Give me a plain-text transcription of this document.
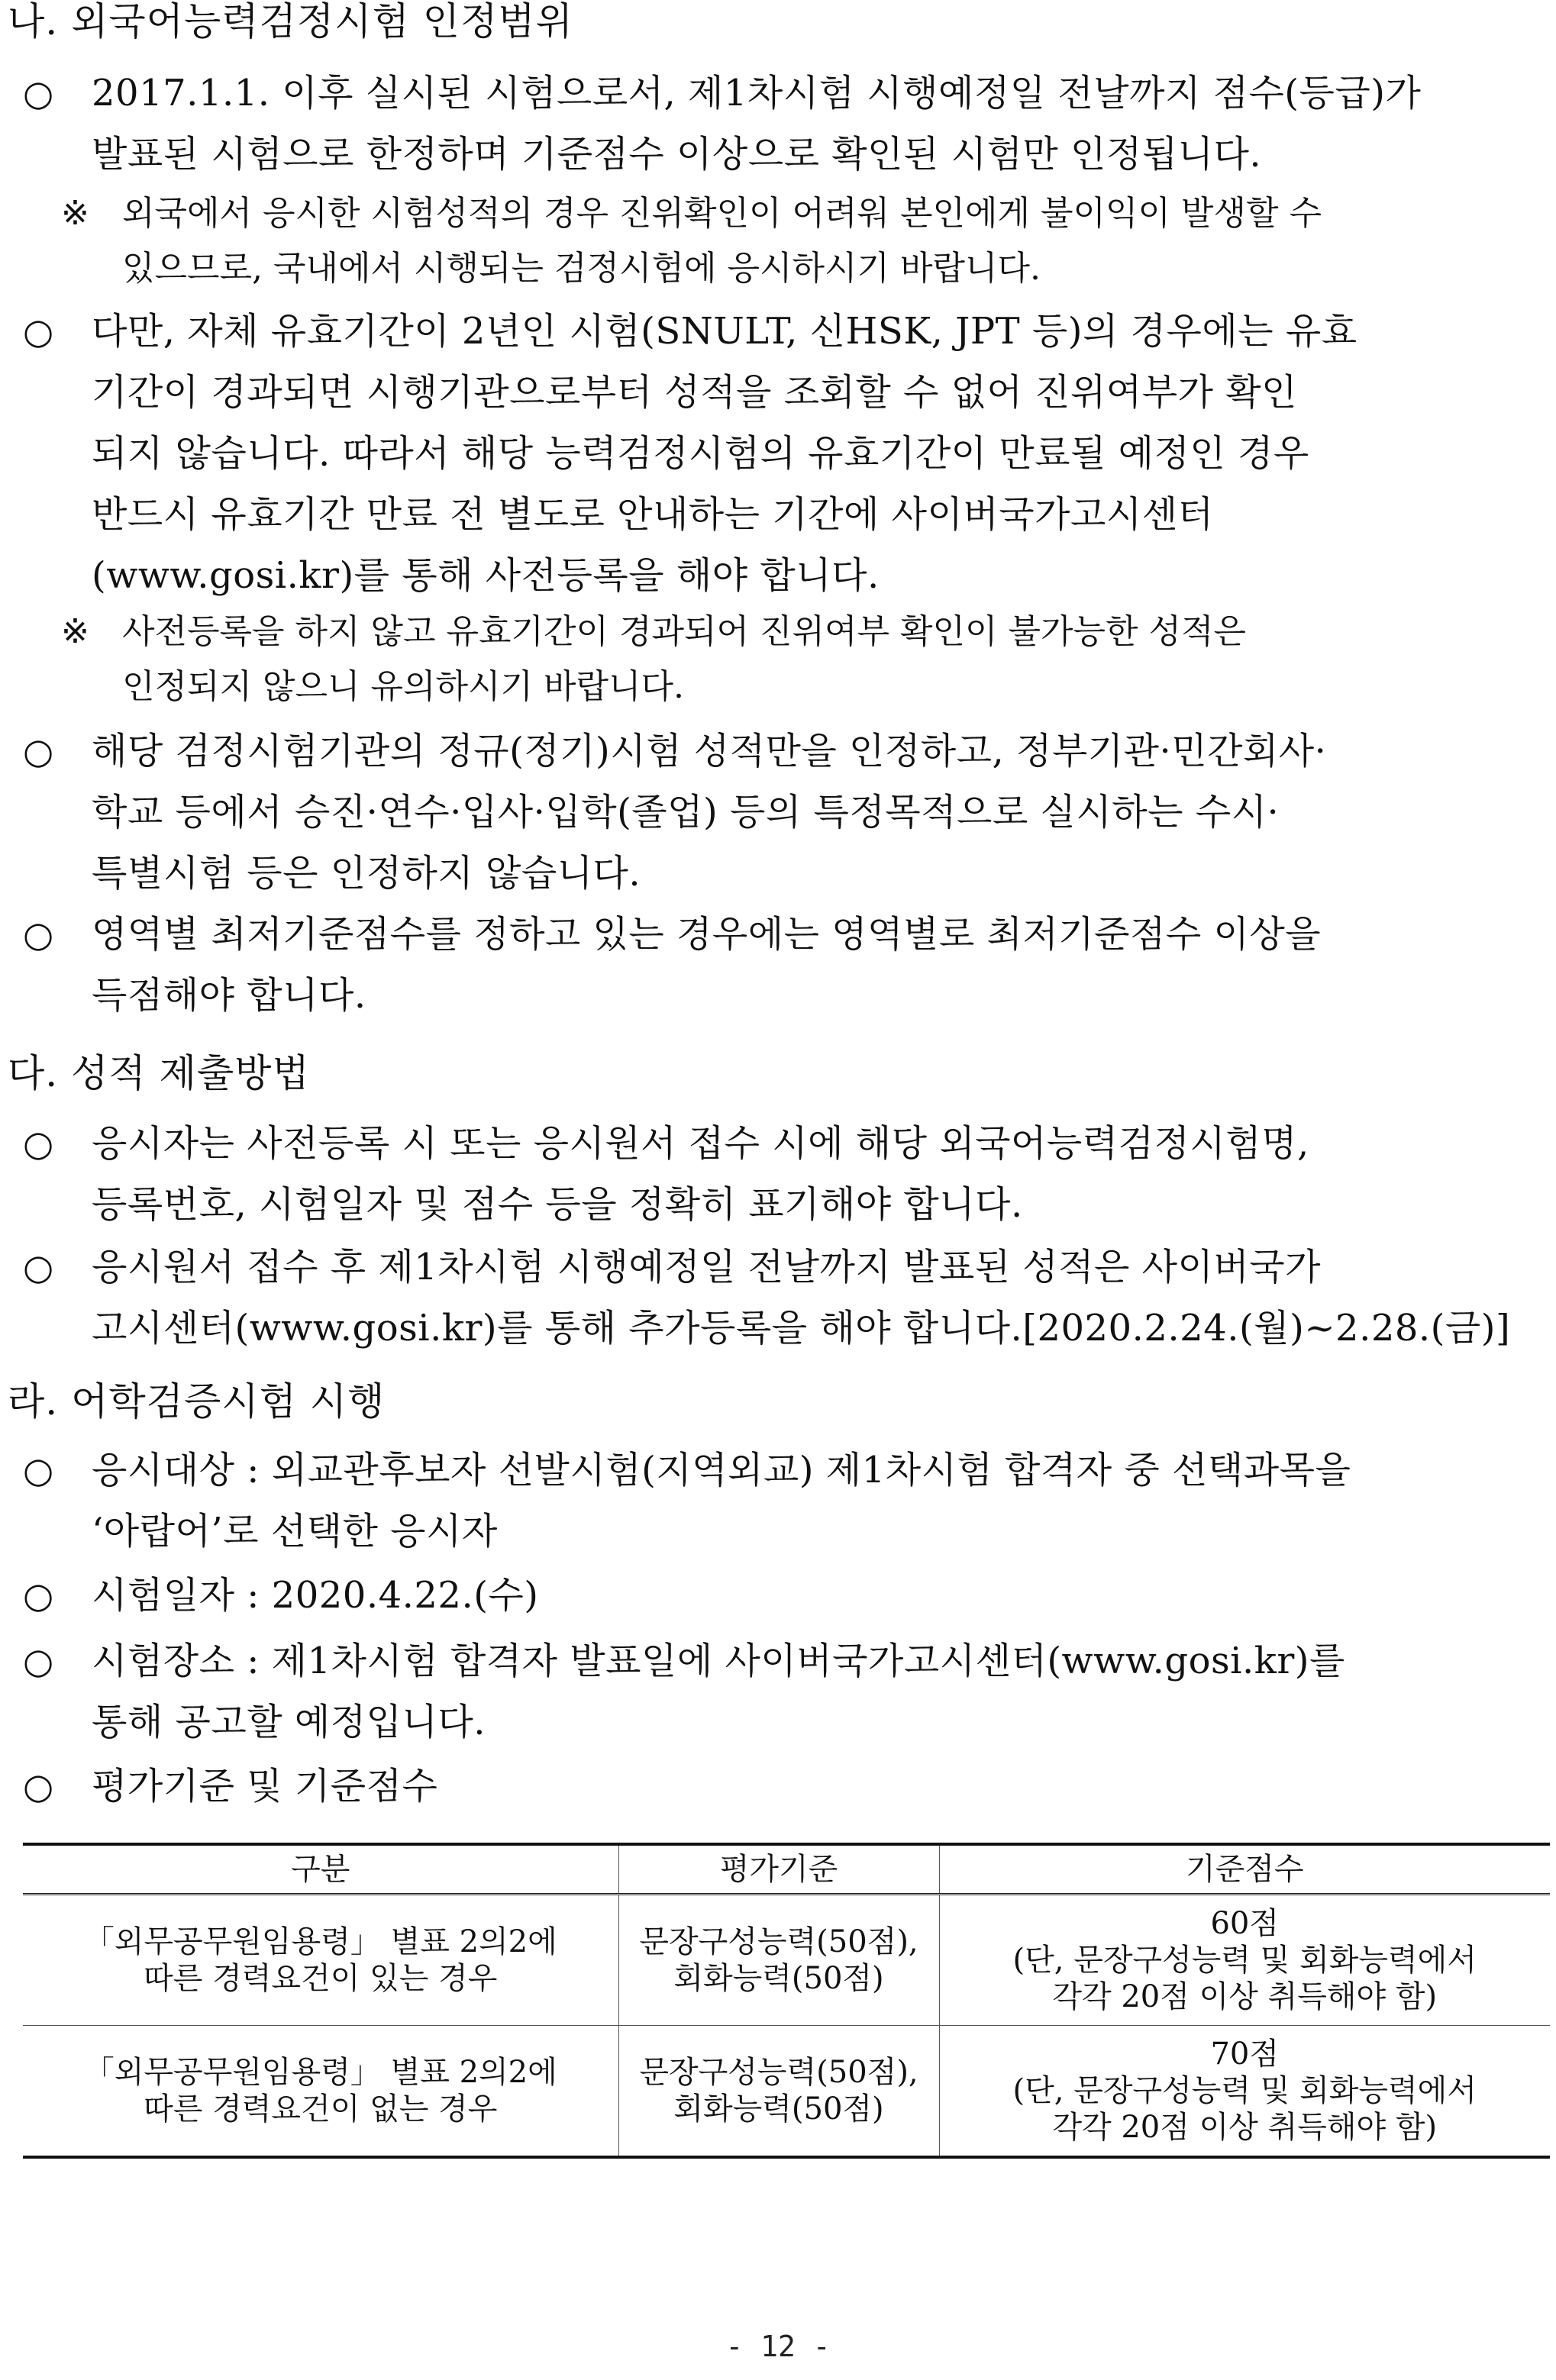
나. 외국어능력검정시험 인정범위
○	2017.1.1. 이후 실시된 시험으로서, 제1차시험 시행예정일 전날까지 점수(등급)가
발표된 시험으로 한정하며 기준점수 이상으로 확인된 시험만 인정됩니다.
※ 외국에서 응시한 시험성적의 경우 진위확인이 어려워 본인에게 불이익이 발생할 수
있으므로, 국내에서 시행되는 검정시험에 응시하시기 바랍니다.
○	다만, 자체 유효기간이 2년인 시험(SNULT, 신HSK, JPT 등)의 경우에는 유효
기간이 경과되면 시행기관으로부터 성적을 조회할 수 없어 진위여부가 확인
되지 않습니다. 따라서 해당 능력검정시험의 유효기간이 만료될 예정인 경우
반드시 유효기간 만료 전 별도로 안내하는 기간에 사이버국가고시센터
(www.gosi.kr)를 통해 사전등록을 해야 합니다.
※ 사전등록을 하지 않고 유효기간이 경과되어 진위여부 확인이 불가능한 성적은
인정되지 않으니 유의하시기 바랍니다.
○	해당 검정시험기관의 정규(정기)시험 성적만을 인정하고, 정부기관·민간회사·
학교 등에서 승진·연수·입사·입학(졸업) 등의 특정목적으로 실시하는 수시·
특별시험 등은 인정하지 않습니다.
○	영역별 최저기준점수를 정하고 있는 경우에는 영역별로 최저기준점수 이상을
득점해야 합니다.
다. 성적 제출방법
○	응시자는 사전등록 시 또는 응시원서 접수 시에 해당 외국어능력검정시험명,
등록번호, 시험일자 및 점수 등을 정확히 표기해야 합니다.
○	응시원서 접수 후 제1차시험 시행예정일 전날까지 발표된 성적은 사이버국가
고시센터(www.gosi.kr)를 통해 추가등록을 해야 합니다.[2020.2.24.(월)~2.28.(금)]
라. 어학검증시험 시행
○	응시대상 : 외교관후보자 선발시험(지역외교) 제1차시험 합격자 중 선택과목을
‘아랍어’로 선택한 응시자
○	시험일자 : 2020.4.22.(수)
○	시험장소 : 제1차시험 합격자 발표일에 사이버국가고시센터(www.gosi.kr)를
통해 공고할 예정입니다.
○	평가기준 및 기준점수
구분	평가기준	기준점수

「외무공무원임용령」 별표 2의2에
따른 경력요건이 있는 경우	문장구성능력(50점),
회화능력(50점)	60점
(단, 문장구성능력 및 회화능력에서
각각 20점 이상 취득해야 함)

「외무공무원임용령」 별표 2의2에
따른 경력요건이 없는 경우	문장구성능력(50점),
회화능력(50점)	70점
(단, 문장구성능력 및 회화능력에서
각각 20점 이상 취득해야 함)
- 12 -
